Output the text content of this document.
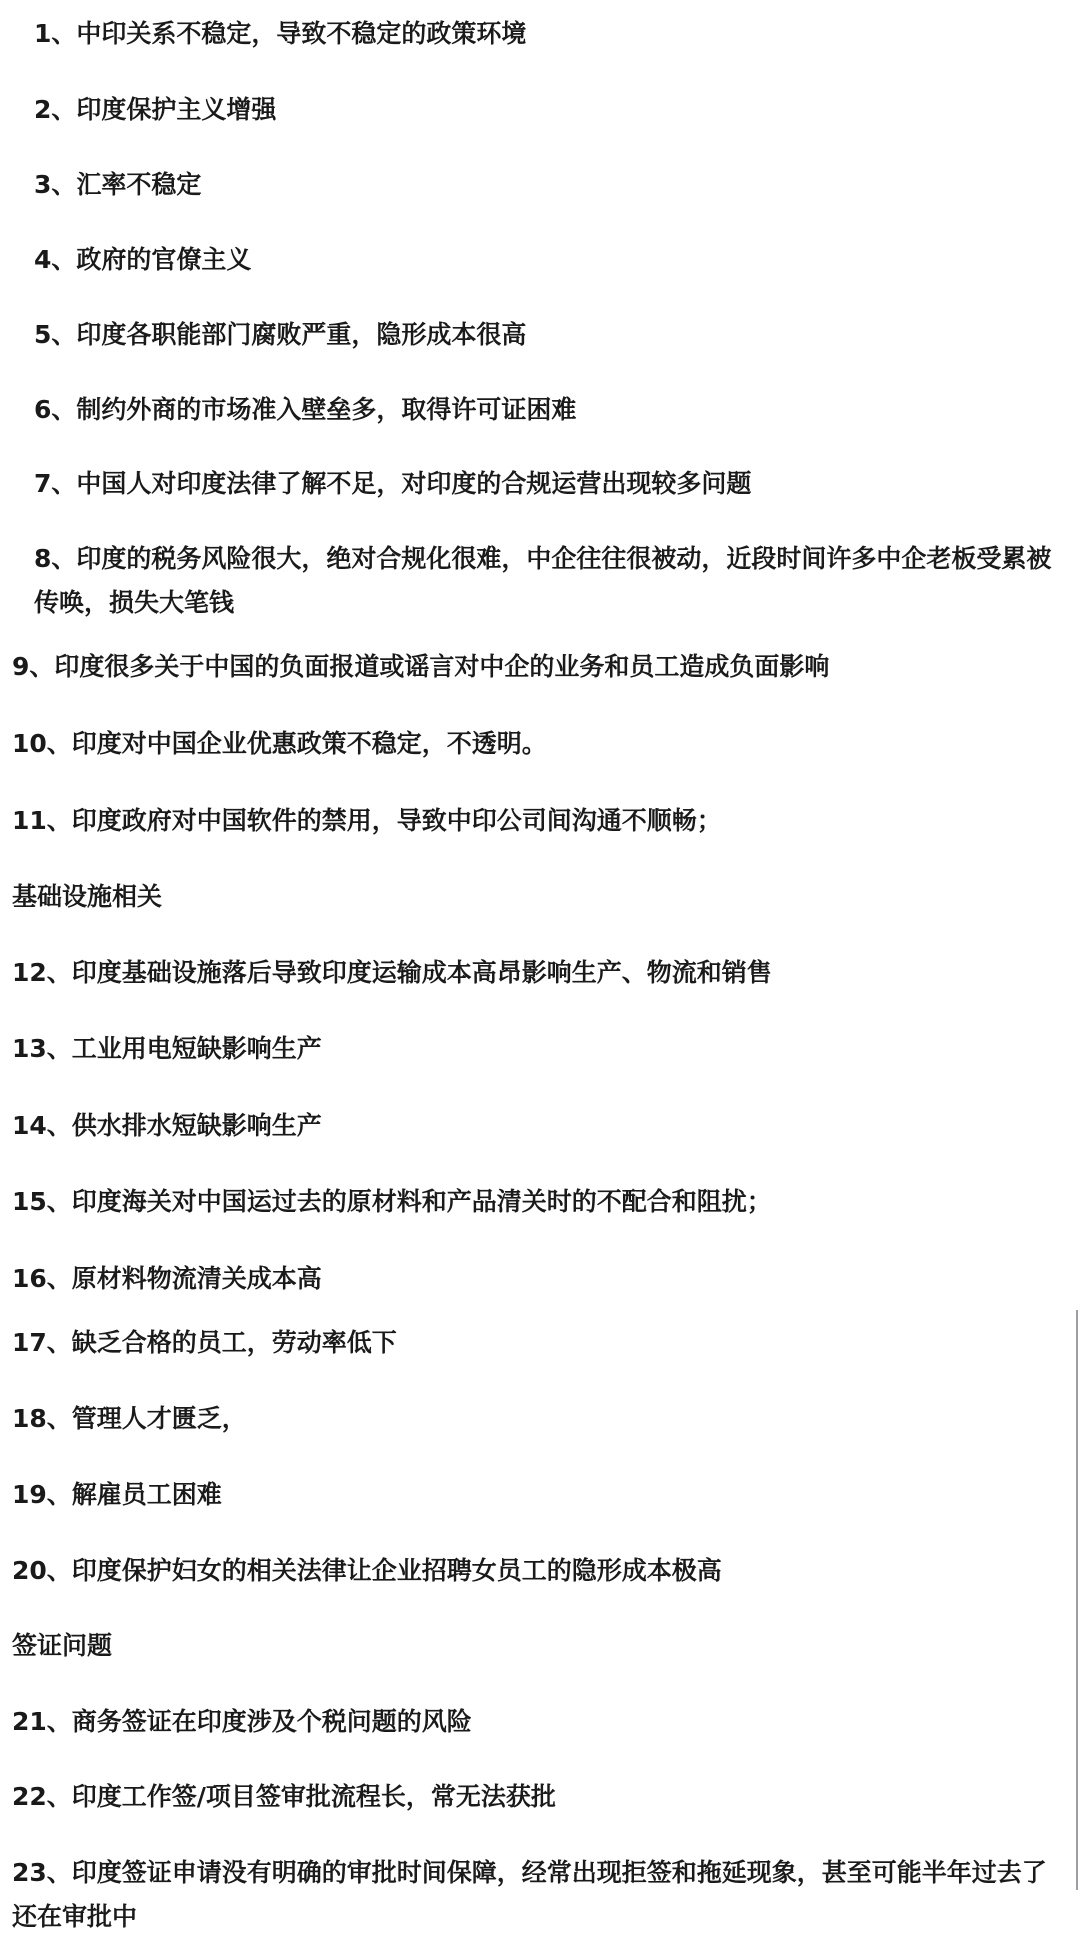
1、中印关系不稳定，导致不稳定的政策环境

2、印度保护主义增强

3、汇率不稳定

4、政府的官僚主义

5、印度各职能部门腐败严重，隐形成本很高

6、制约外商的市场准入壁垒多，取得许可证困难

7、中国人对印度法律了解不足，对印度的合规运营出现较多问题

8、印度的税务风险很大，绝对合规化很难，中企往往很被动，近段时间许多中企老板受累被传唤，损失大笔钱

9、印度很多关于中国的负面报道或谣言对中企的业务和员工造成负面影响

10、印度对中国企业优惠政策不稳定，不透明。

11、印度政府对中国软件的禁用，导致中印公司间沟通不顺畅；

基础设施相关

12、印度基础设施落后导致印度运输成本高昂影响生产、物流和销售

13、工业用电短缺影响生产

14、供水排水短缺影响生产

15、印度海关对中国运过去的原材料和产品清关时的不配合和阻扰；

16、原材料物流清关成本高

17、缺乏合格的员工，劳动率低下

18、管理人才匮乏，

19、解雇员工困难

20、印度保护妇女的相关法律让企业招聘女员工的隐形成本极高

签证问题

21、商务签证在印度涉及个税问题的风险

22、印度工作签/项目签审批流程长，常无法获批

23、印度签证申请没有明确的审批时间保障，经常出现拒签和拖延现象，甚至可能半年过去了还在审批中
